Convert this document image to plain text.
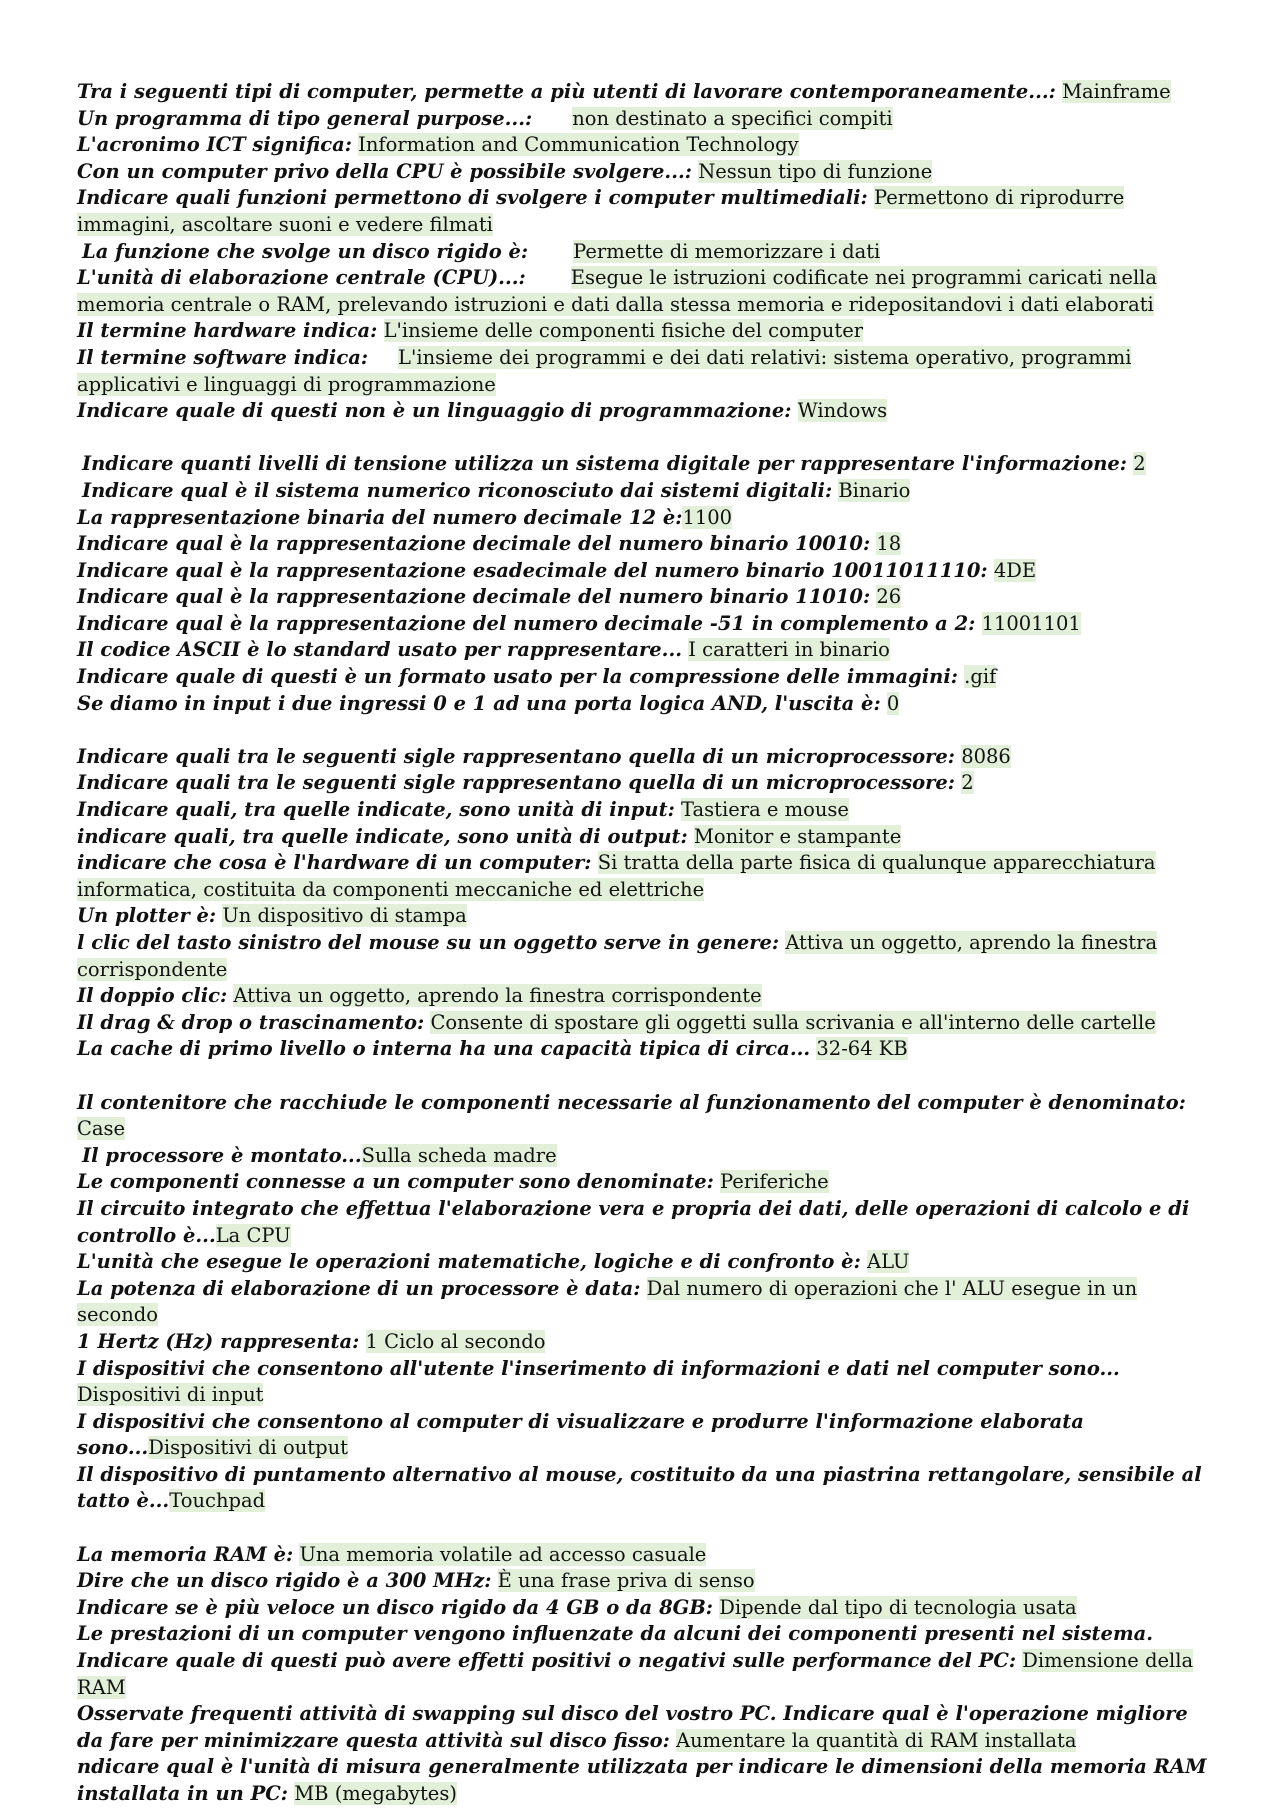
Tra i seguenti tipi di computer, permette a più utenti di lavorare contemporaneamente...: Mainframe
Un programma di tipo general purpose...: non destinato a specifici compiti
L'acronimo ICT significa: Information and Communication Technology
Con un computer privo della CPU è possibile svolgere...: Nessun tipo di funzione
Indicare quali funzioni permettono di svolgere i computer multimediali: Permettono di riprodurre immagini, ascoltare suoni e vedere filmati
La funzione che svolge un disco rigido è: Permette di memorizzare i dati
L'unità di elaborazione centrale (CPU)...: Esegue le istruzioni codificate nei programmi caricati nella memoria centrale o RAM, prelevando istruzioni e dati dalla stessa memoria e ridepositandovi i dati elaborati
Il termine hardware indica: L'insieme delle componenti fisiche del computer
Il termine software indica: L'insieme dei programmi e dei dati relativi: sistema operativo, programmi applicativi e linguaggi di programmazione
Indicare quale di questi non è un linguaggio di programmazione: Windows
Indicare quanti livelli di tensione utilizza un sistema digitale per rappresentare l'informazione: 2
Indicare qual è il sistema numerico riconosciuto dai sistemi digitali: Binario
La rappresentazione binaria del numero decimale 12 è:1100
Indicare qual è la rappresentazione decimale del numero binario 10010: 18
Indicare qual è la rappresentazione esadecimale del numero binario 10011011110: 4DE
Indicare qual è la rappresentazione decimale del numero binario 11010: 26
Indicare qual è la rappresentazione del numero decimale -51 in complemento a 2: 11001101
Il codice ASCII è lo standard usato per rappresentare... I caratteri in binario
Indicare quale di questi è un formato usato per la compressione delle immagini: .gif
Se diamo in input i due ingressi 0 e 1 ad una porta logica AND, l'uscita è: 0
Indicare quali tra le seguenti sigle rappresentano quella di un microprocessore: 8086
Indicare quali tra le seguenti sigle rappresentano quella di un microprocessore: 2
Indicare quali, tra quelle indicate, sono unità di input: Tastiera e mouse
indicare quali, tra quelle indicate, sono unità di output: Monitor e stampante
indicare che cosa è l'hardware di un computer: Si tratta della parte fisica di qualunque apparecchiatura informatica, costituita da componenti meccaniche ed elettriche
Un plotter è: Un dispositivo di stampa
l clic del tasto sinistro del mouse su un oggetto serve in genere: Attiva un oggetto, aprendo la finestra corrispondente
Il doppio clic: Attiva un oggetto, aprendo la finestra corrispondente
Il drag & drop o trascinamento: Consente di spostare gli oggetti sulla scrivania e all'interno delle cartelle
La cache di primo livello o interna ha una capacità tipica di circa... 32-64 KB
Il contenitore che racchiude le componenti necessarie al funzionamento del computer è denominato: Case
Il processore è montato...Sulla scheda madre
Le componenti connesse a un computer sono denominate: Periferiche
Il circuito integrato che effettua l'elaborazione vera e propria dei dati, delle operazioni di calcolo e di controllo è...La CPU
L'unità che esegue le operazioni matematiche, logiche e di confronto è: ALU
La potenza di elaborazione di un processore è data: Dal numero di operazioni che l' ALU esegue in un secondo
1 Hertz (Hz) rappresenta: 1 Ciclo al secondo
I dispositivi che consentono all'utente l'inserimento di informazioni e dati nel computer sono... Dispositivi di input
I dispositivi che consentono al computer di visualizzare e produrre l'informazione elaborata sono...Dispositivi di output
Il dispositivo di puntamento alternativo al mouse, costituito da una piastrina rettangolare, sensibile al tatto è...Touchpad
La memoria RAM è: Una memoria volatile ad accesso casuale
Dire che un disco rigido è a 300 MHz: È una frase priva di senso
Indicare se è più veloce un disco rigido da 4 GB o da 8GB: Dipende dal tipo di tecnologia usata
Le prestazioni di un computer vengono influenzate da alcuni dei componenti presenti nel sistema. Indicare quale di questi può avere effetti positivi o negativi sulle performance del PC: Dimensione della RAM
Osservate frequenti attività di swapping sul disco del vostro PC. Indicare qual è l'operazione migliore da fare per minimizzare questa attività sul disco fisso: Aumentare la quantità di RAM installata
ndicare qual è l'unità di misura generalmente utilizzata per indicare le dimensioni della memoria RAM installata in un PC: MB (megabytes)
